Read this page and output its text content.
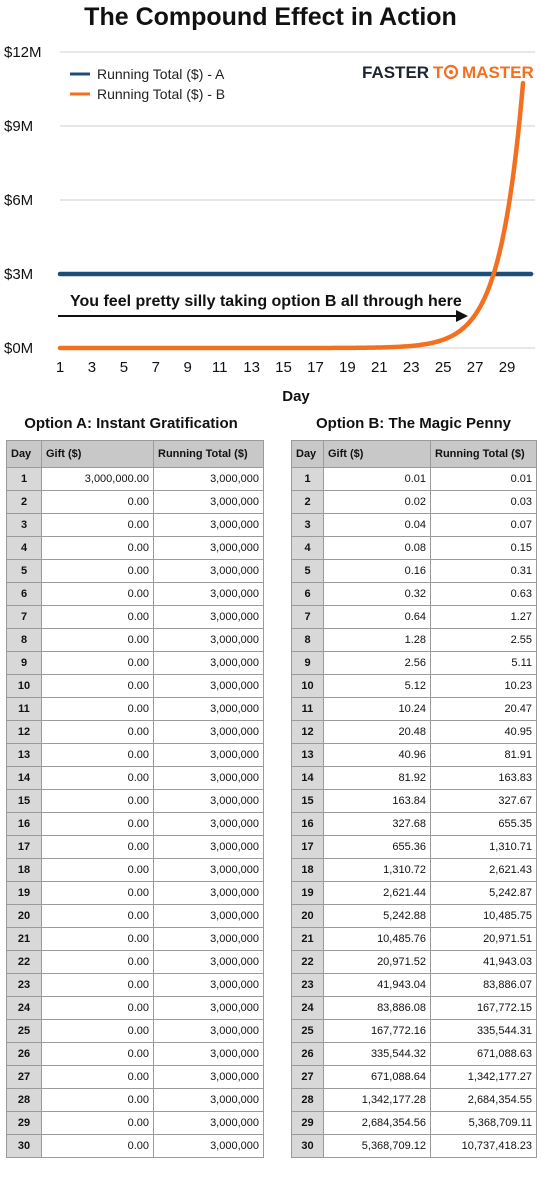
The Compound Effect in Action
$0M
$3M
$6M
$9M
$12M
1 3 5 7 9 11 13 15 17 19 21 23 25 27 29
You feel pretty silly taking option B all through here
Running Total ($) - A
Running Total ($) - B
FASTER T MASTER
Day
Option A: Instant Gratification	Option B: The Magic Penny
Day	Gift ($)	Running Total ($)
1	3,000,000.00	3,000,000
2	0.00	3,000,000
3	0.00	3,000,000
4	0.00	3,000,000
5	0.00	3,000,000
6	0.00	3,000,000
7	0.00	3,000,000
8	0.00	3,000,000
9	0.00	3,000,000
10	0.00	3,000,000
11	0.00	3,000,000
12	0.00	3,000,000
13	0.00	3,000,000
14	0.00	3,000,000
15	0.00	3,000,000
16	0.00	3,000,000
17	0.00	3,000,000
18	0.00	3,000,000
19	0.00	3,000,000
20	0.00	3,000,000
21	0.00	3,000,000
22	0.00	3,000,000
23	0.00	3,000,000
24	0.00	3,000,000
25	0.00	3,000,000
26	0.00	3,000,000
27	0.00	3,000,000
28	0.00	3,000,000
29	0.00	3,000,000
30	0.00	3,000,000
Day	Gift ($)	Running Total ($)
1	0.01	0.01
2	0.02	0.03
3	0.04	0.07
4	0.08	0.15
5	0.16	0.31
6	0.32	0.63
7	0.64	1.27
8	1.28	2.55
9	2.56	5.11
10	5.12	10.23
11	10.24	20.47
12	20.48	40.95
13	40.96	81.91
14	81.92	163.83
15	163.84	327.67
16	327.68	655.35
17	655.36	1,310.71
18	1,310.72	2,621.43
19	2,621.44	5,242.87
20	5,242.88	10,485.75
21	10,485.76	20,971.51
22	20,971.52	41,943.03
23	41,943.04	83,886.07
24	83,886.08	167,772.15
25	167,772.16	335,544.31
26	335,544.32	671,088.63
27	671,088.64	1,342,177.27
28	1,342,177.28	2,684,354.55
29	2,684,354.56	5,368,709.11
30	5,368,709.12	10,737,418.23
